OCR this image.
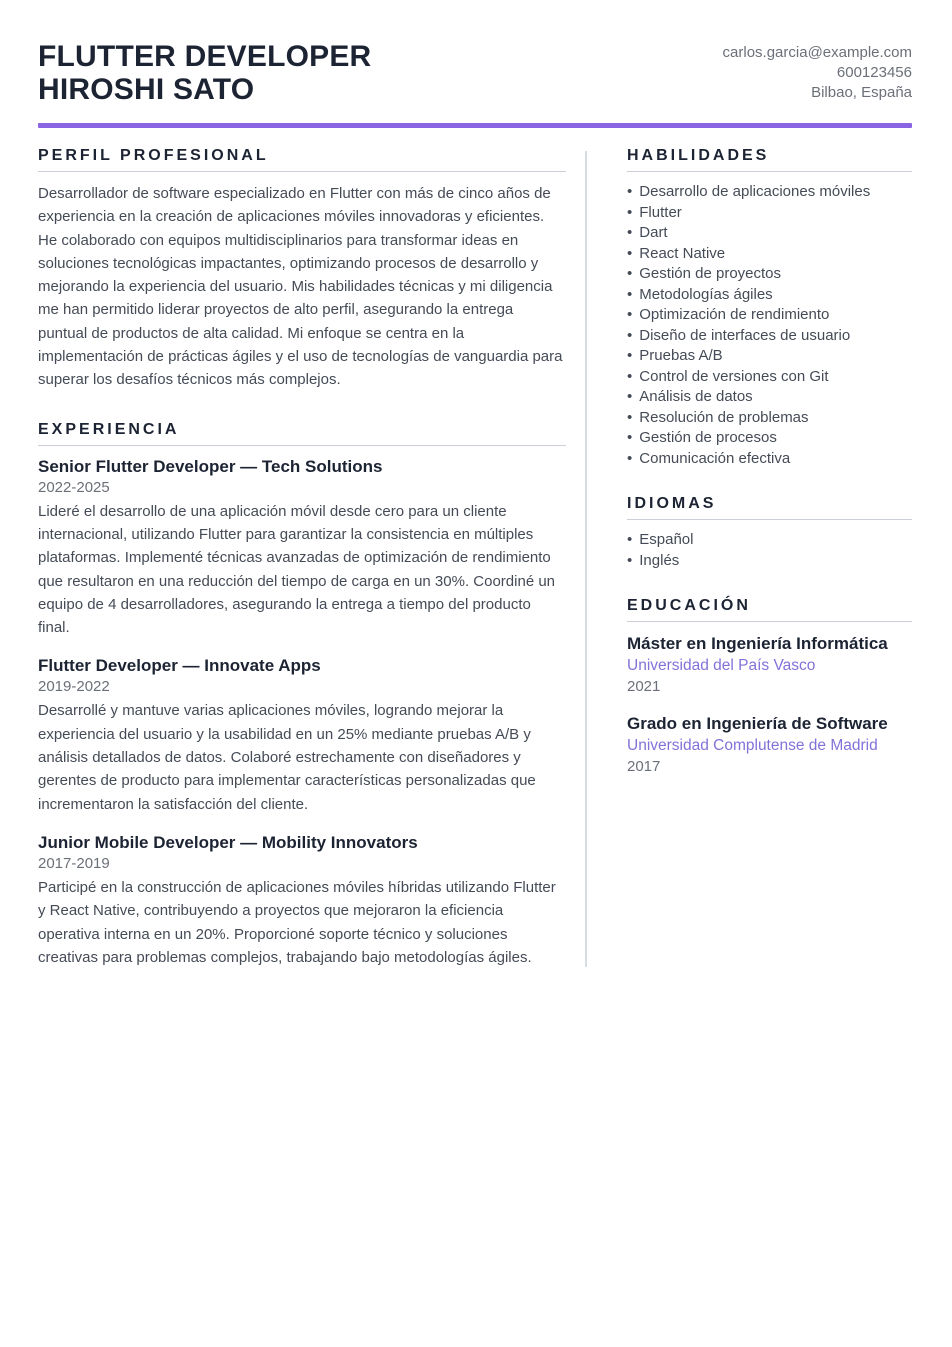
FLUTTER DEVELOPER
HIROSHI SATO
carlos.garcia@example.com
600123456
Bilbao, España
PERFIL PROFESIONAL

Desarrollador de software especializado en Flutter con más de cinco años de experiencia en la creación de aplicaciones móviles innovadoras y eficientes. He colaborado con equipos multidisciplinarios para transformar ideas en soluciones tecnológicas impactantes, optimizando procesos de desarrollo y mejorando la experiencia del usuario. Mis habilidades técnicas y mi diligencia me han permitido liderar proyectos de alto perfil, asegurando la entrega puntual de productos de alta calidad. Mi enfoque se centra en la implementación de prácticas ágiles y el uso de tecnologías de vanguardia para superar los desafíos técnicos más complejos.

EXPERIENCIA
Senior Flutter Developer — Tech Solutions
2022-2025

Lideré el desarrollo de una aplicación móvil desde cero para un cliente internacional, utilizando Flutter para garantizar la consistencia en múltiples plataformas. Implementé técnicas avanzadas de optimización de rendimiento que resultaron en una reducción del tiempo de carga en un 30%. Coordiné un equipo de 4 desarrolladores, asegurando la entrega a tiempo del producto final.

Flutter Developer — Innovate Apps
2019-2022

Desarrollé y mantuve varias aplicaciones móviles, logrando mejorar la experiencia del usuario y la usabilidad en un 25% mediante pruebas A/B y análisis detallados de datos. Colaboré estrechamente con diseñadores y gerentes de producto para implementar características personalizadas que incrementaron la satisfacción del cliente.

Junior Mobile Developer — Mobility Innovators
2017-2019

Participé en la construcción de aplicaciones móviles híbridas utilizando Flutter y React Native, contribuyendo a proyectos que mejoraron la eficiencia operativa interna en un 20%. Proporcioné soporte técnico y soluciones creativas para problemas complejos, trabajando bajo metodologías ágiles.

HABILIDADES
• Desarrollo de aplicaciones móviles
• Flutter
• Dart
• React Native
• Gestión de proyectos
• Metodologías ágiles
• Optimización de rendimiento
• Diseño de interfaces de usuario
• Pruebas A/B
• Control de versiones con Git
• Análisis de datos
• Resolución de problemas
• Gestión de procesos
• Comunicación efectiva
IDIOMAS
• Español
• Inglés
EDUCACIÓN
Máster en Ingeniería Informática
Universidad del País Vasco
2021
Grado en Ingeniería de Software
Universidad Complutense de Madrid
2017
